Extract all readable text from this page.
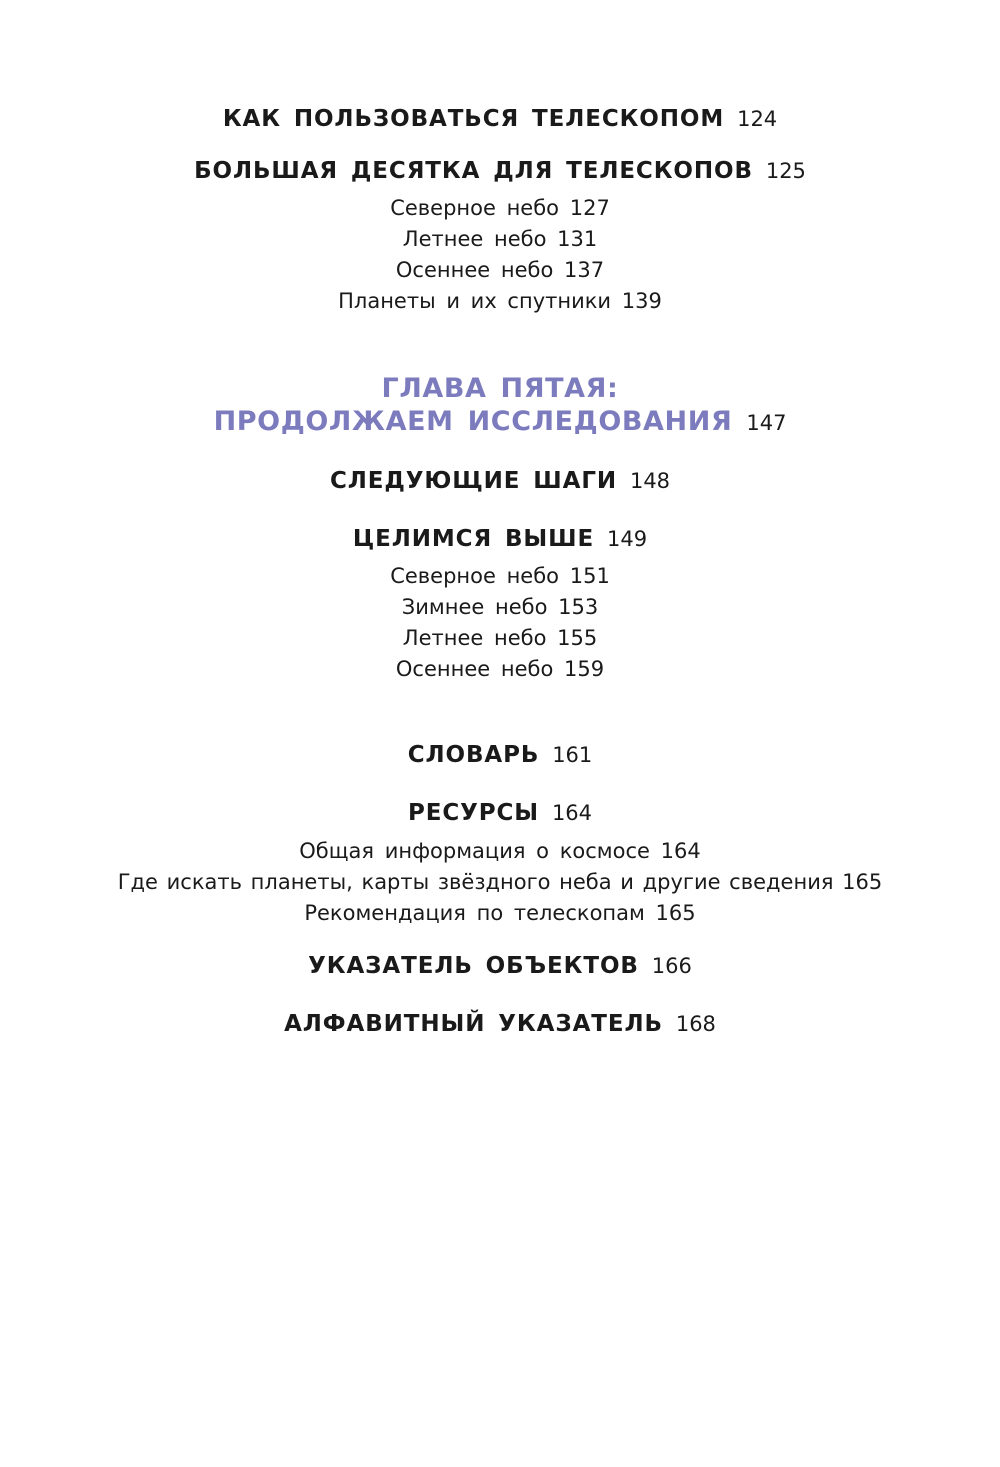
КАК ПОЛЬЗОВАТЬСЯ ТЕЛЕСКОПОМ 124
БОЛЬШАЯ ДЕСЯТКА ДЛЯ ТЕЛЕСКОПОВ 125
Северное небо 127
Летнее небо 131
Осеннее небо 137
Планеты и их спутники 139
ГЛАВА ПЯТАЯ:
ПРОДОЛЖАЕМ ИССЛЕДОВАНИЯ 147
СЛЕДУЮЩИЕ ШАГИ 148
ЦЕЛИМСЯ ВЫШЕ 149
Северное небо 151
Зимнее небо 153
Летнее небо 155
Осеннее небо 159
СЛОВАРЬ 161
РЕСУРСЫ 164
Общая информация о космосе 164
Где искать планеты, карты звёздного неба и другие сведения 165
Рекомендация по телескопам 165
УКАЗАТЕЛЬ ОБЪЕКТОВ 166
АЛФАВИТНЫЙ УКАЗАТЕЛЬ 168
